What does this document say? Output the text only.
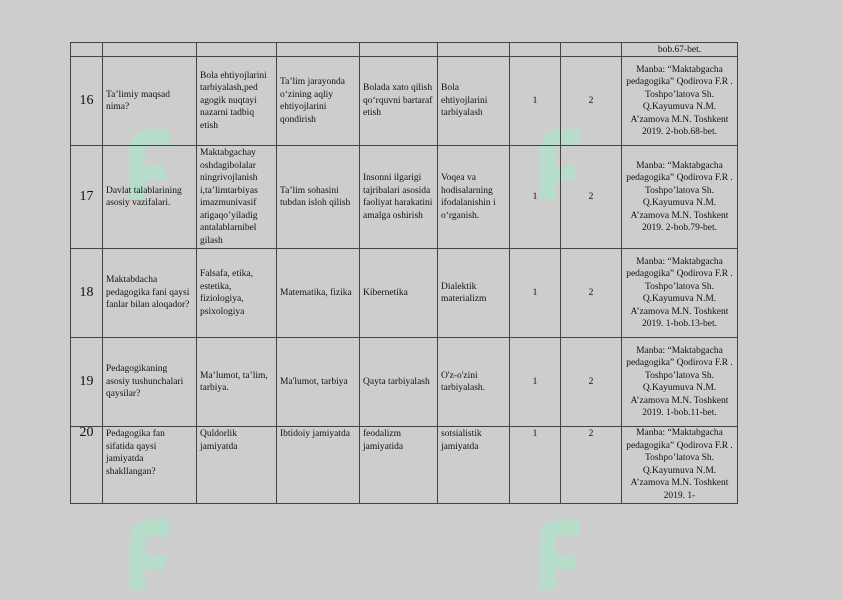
								bob.67-bet.
16	Ta’limiy maqsad nima?	Bola ehtiyojlarini tarbiyalash,ped agogik nuqtayi nazarni tadbiq etish	Ta’lim jarayonda o‘zining aqliy ehtiyojlarini qondirish	Bolada xato qilish qo‘rquvni bartaraf etish	Bola ehtiyojlarini tarbiyalash	1	2	Manba: “Maktabgacha pedagogika” Qodirova F.R . Toshpo’latova Sh. Q.Kayumuva N.M. A’zamova M.N. Toshkent 2019. 2-bob.68-bet.
17	Davlat talablarining asosiy vazifalari.	Maktabgachay oshdagibolalar ningrivojlanish i,ta’limtarbiyas imazmunivasif atigaqo’yiladig antalablarnibel gilash	Ta’lim sohasini tubdan isloh qilish	Insonni ilgarigi tajribalari asosida faoliyat harakatini amalga oshirish	Voqea va hodisalarning ifodalanishin i o‘rganish.	1	2	Manba: “Maktabgacha pedagogika” Qodirova F.R . Toshpo’latova Sh. Q.Kayumuva N.M. A’zamova M.N. Toshkent 2019. 2-bob.79-bet.
18	Maktabdacha pedagogika fani qaysi fanlar bilan aloqador?	Falsafa, etika, estetika, fiziologiya, psixologiya	Matematika, fizika	Kibernetika	Dialektik materializm	1	2	Manba: “Maktabgacha pedagogika” Qodirova F.R . Toshpo’latova Sh. Q.Kayumuva N.M. A’zamova M.N. Toshkent 2019. 1-bob.13-bet.
19	Pedagogikaning asosiy tushunchalari qaysilar?	Ma’lumot, ta’lim, tarbiya.	Ma'lumot, tarbiya	Qayta tarbiyalash	O'z-o'zini tarbiyalash.	1	2	Manba: “Maktabgacha pedagogika” Qodirova F.R . Toshpo’latova Sh. Q.Kayumuva N.M. A’zamova M.N. Toshkent 2019. 1-bob.11-bet.
20	Pedagogika fan sifatida qaysi jamiyatda shakllangan?	Quldorlik jamiyatda	Ibtidoiy jamiyatda	feodalizm jamiyatida	sotsialistik jamiyatda	1	2	Manba: “Maktabgacha pedagogika” Qodirova F.R . Toshpo’latova Sh. Q.Kayumuva N.M. A’zamova M.N. Toshkent 2019. 1-
